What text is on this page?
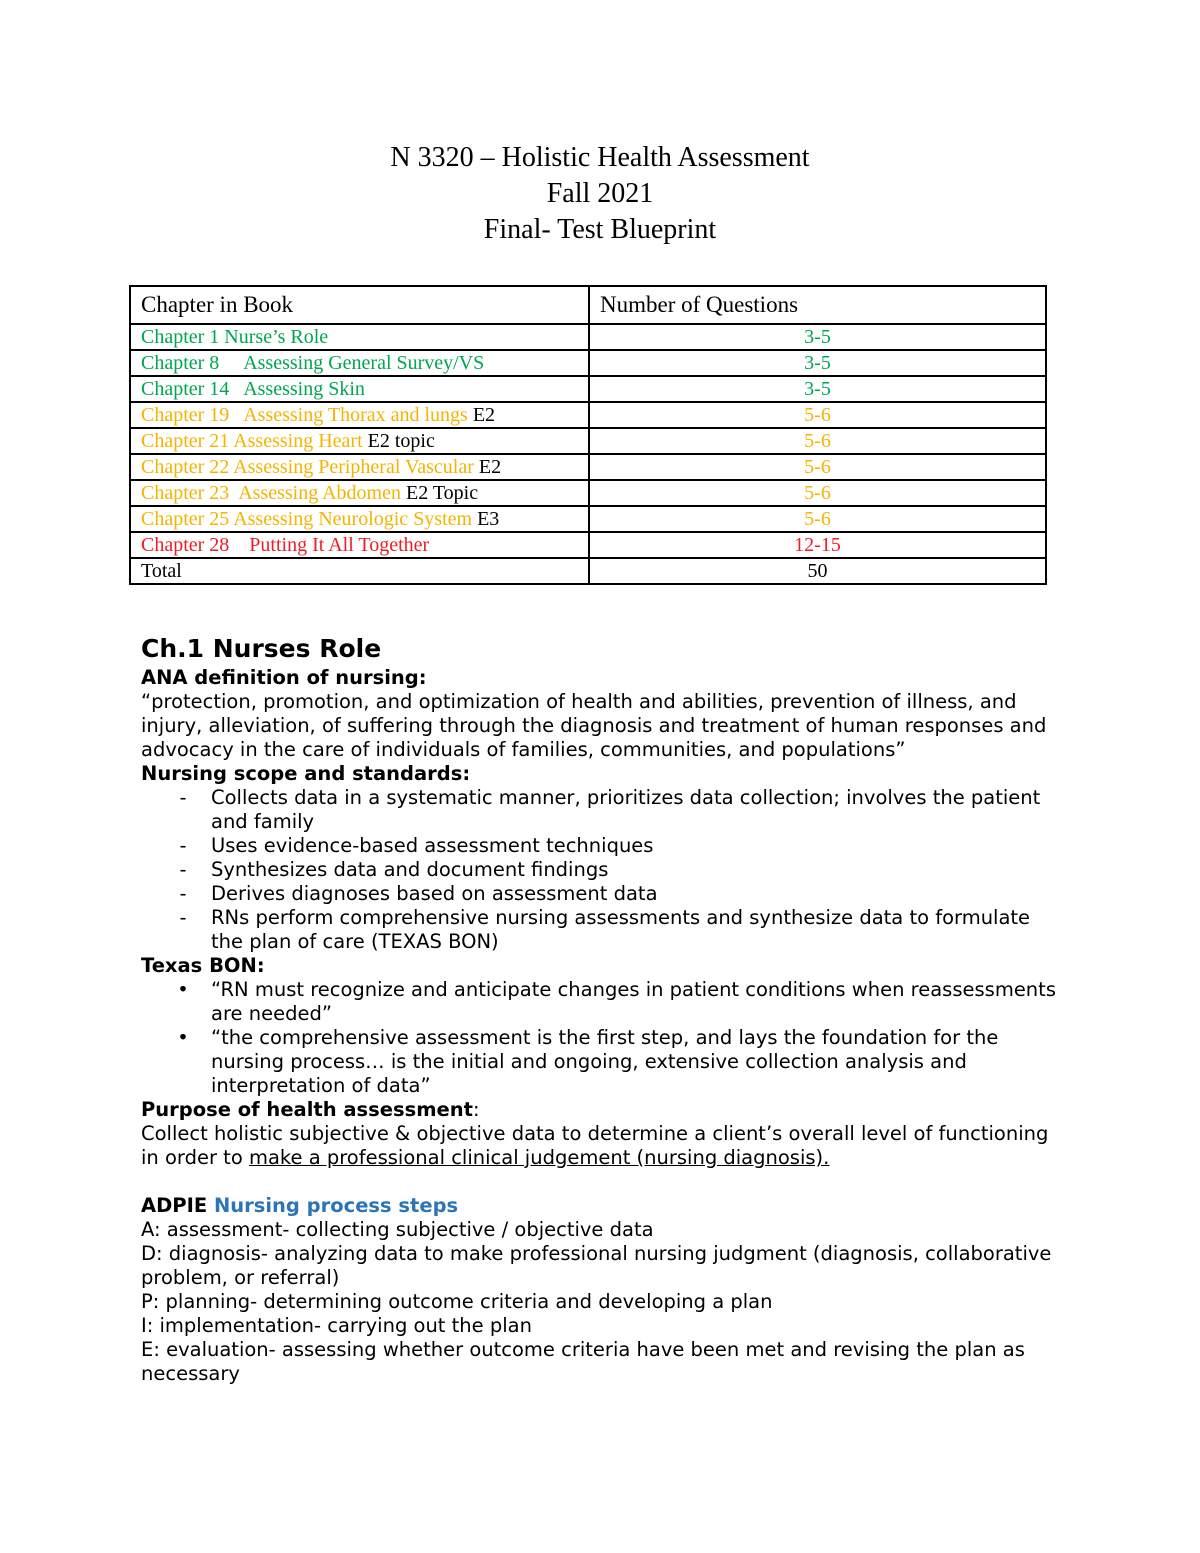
N 3320 – Holistic Health Assessment
Fall 2021
Final- Test Blueprint
Chapter in Book	Number of Questions
Chapter 1 Nurse’s Role	3-5
Chapter 8     Assessing General Survey/VS	3-5
Chapter 14   Assessing Skin	3-5
Chapter 19   Assessing Thorax and lungs E2	5-6
Chapter 21 Assessing Heart E2 topic	5-6
Chapter 22 Assessing Peripheral Vascular E2	5-6
Chapter 23  Assessing Abdomen E2 Topic	5-6
Chapter 25 Assessing Neurologic System E3	5-6
Chapter 28    Putting It All Together	12-15
Total	50
Ch.1 Nurses Role
ANA definition of nursing:

“protection, promotion, and optimization of health and abilities, prevention of illness, and injury, alleviation, of suffering through the diagnosis and treatment of human responses and advocacy in the care of individuals of families, communities, and populations”

Nursing scope and standards:
-	Collects data in a systematic manner, prioritizes data collection; involves the patient and family
-	Uses evidence-based assessment techniques
-	Synthesizes data and document findings
-	Derives diagnoses based on assessment data
-	RNs perform comprehensive nursing assessments and synthesize data to formulate the plan of care (TEXAS BON)
Texas BON:
• “RN must recognize and anticipate changes in patient conditions when reassessments are needed”
• “the comprehensive assessment is the first step, and lays the foundation for the nursing process… is the initial and ongoing, extensive collection analysis and interpretation of data”
Purpose of health assessment:

Collect holistic subjective & objective data to determine a client’s overall level of functioning in order to make a professional clinical judgement (nursing diagnosis).

ADPIE Nursing process steps

A: assessment- collecting subjective / objective data

D: diagnosis- analyzing data to make professional nursing judgment (diagnosis, collaborative problem, or referral)

P: planning- determining outcome criteria and developing a plan

I: implementation- carrying out the plan

E: evaluation- assessing whether outcome criteria have been met and revising the plan as necessary
